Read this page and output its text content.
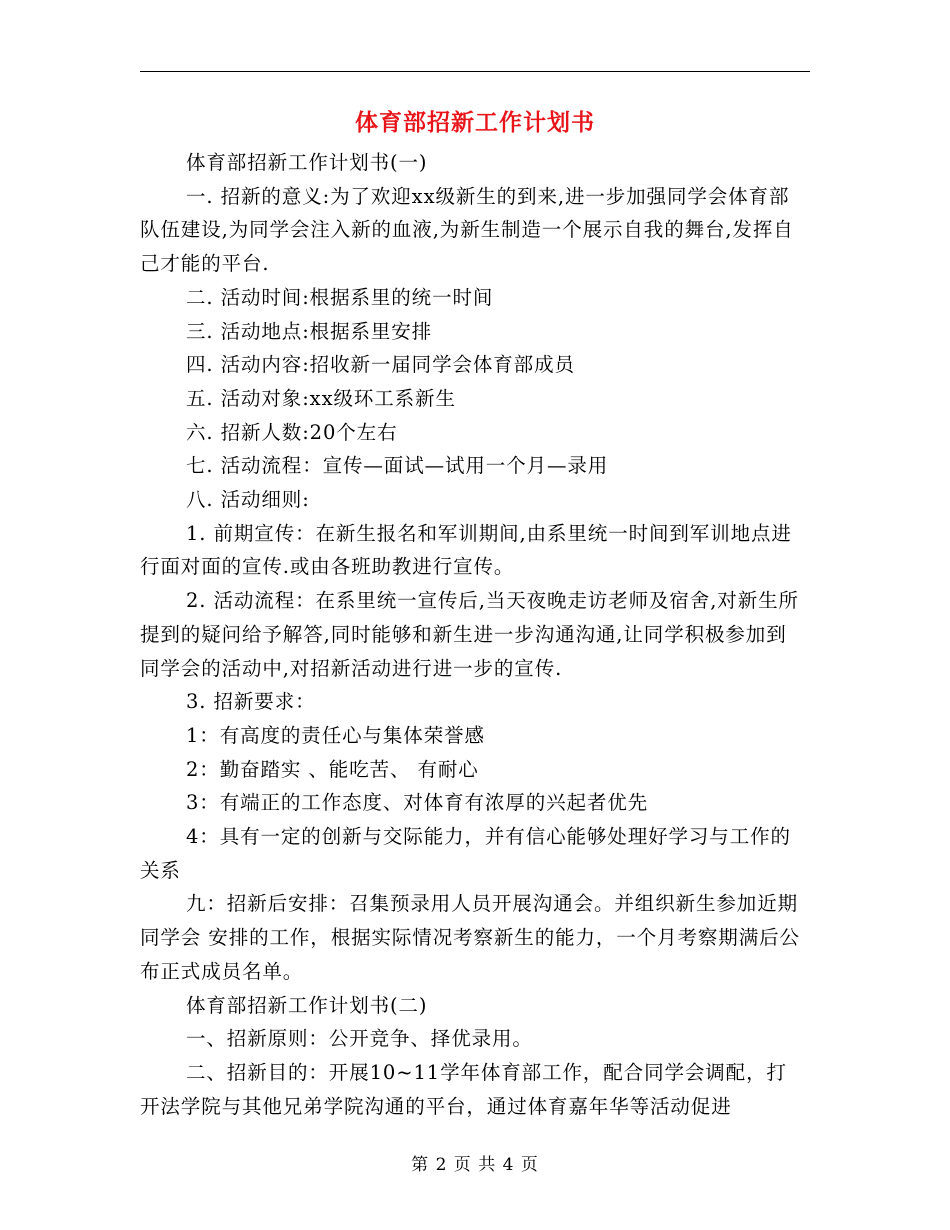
体育部招新工作计划书

体育部招新工作计划书(一)

一. 招新的意义:为了欢迎xx级新生的到来,进一步加强同学会体育部队伍建设,为同学会注入新的血液,为新生制造一个展示自我的舞台,发挥自己才能的平台.

二. 活动时间:根据系里的统一时间

三. 活动地点:根据系里安排

四. 活动内容:招收新一届同学会体育部成员

五. 活动对象:xx级环工系新生

六. 招新人数:20个左右

七. 活动流程：宣传—面试—试用一个月—录用

八. 活动细则:

1. 前期宣传：在新生报名和军训期间,由系里统一时间到军训地点进行面对面的宣传.或由各班助教进行宣传。

2. 活动流程：在系里统一宣传后,当天夜晚走访老师及宿舍,对新生所提到的疑问给予解答,同时能够和新生进一步沟通沟通,让同学积极参加到同学会的活动中,对招新活动进行进一步的宣传.

3. 招新要求：

1：有高度的责任心与集体荣誉感

2：勤奋踏实 、能吃苦、 有耐心

3：有端正的工作态度、对体育有浓厚的兴起者优先

4：具有一定的创新与交际能力，并有信心能够处理好学习与工作的关系

九：招新后安排：召集预录用人员开展沟通会。并组织新生参加近期同学会 安排的工作，根据实际情况考察新生的能力，一个月考察期满后公布正式成员名单。

体育部招新工作计划书(二)

一、招新原则：公开竞争、择优录用。

二、招新目的：开展10~11学年体育部工作，配合同学会调配，打开法学院与其他兄弟学院沟通的平台，通过体育嘉年华等活动促进

第 2 页 共 4 页
